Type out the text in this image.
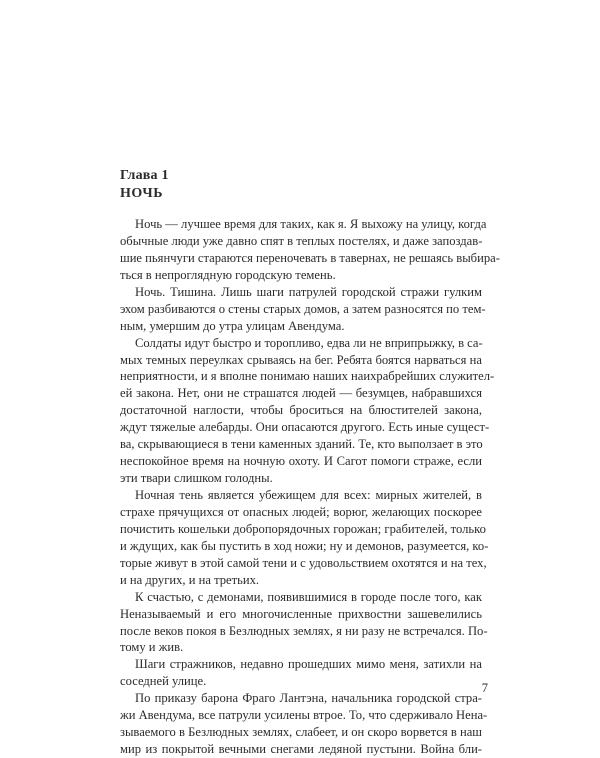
Глава 1
НОЧЬ
Ночь — лучшее время для таких, как я. Я выхожу на улицу, когда
обычные люди уже давно спят в теплых постелях, и даже запоздав-
шие пьянчуги стараются переночевать в тавернах, не решаясь выбира-
ться в непроглядную городскую темень.
Ночь. Тишина. Лишь шаги патрулей городской стражи гулким
эхом разбиваются о стены старых домов, а затем разносятся по тем-
ным, умершим до утра улицам Авендума.
Солдаты идут быстро и торопливо, едва ли не вприпрыжку, в са-
мых темных переулках срываясь на бег. Ребята боятся нарваться на
неприятности, и я вполне понимаю наших наихрабрейших служител-
ей закона. Нет, они не страшатся людей — безумцев, набравшихся
достаточной наглости, чтобы броситься на блюстителей закона,
ждут тяжелые алебарды. Они опасаются другого. Есть иные сущест-
ва, скрывающиеся в тени каменных зданий. Те, кто выползает в это
неспокойное время на ночную охоту. И Сагот помоги страже, если
эти твари слишком голодны.
Ночная тень является убежищем для всех: мирных жителей, в
страхе прячущихся от опасных людей; ворюг, желающих поскорее
почистить кошельки добропорядочных горожан; грабителей, только
и ждущих, как бы пустить в ход ножи; ну и демонов, разумеется, ко-
торые живут в этой самой тени и с удовольствием охотятся и на тех,
и на других, и на третьих.
К счастью, с демонами, появившимися в городе после того, как
Неназываемый и его многочисленные прихвостни зашевелились
после веков покоя в Безлюдных землях, я ни разу не встречался. По-
тому и жив.
Шаги стражников, недавно прошедших мимо меня, затихли на
соседней улице.
По приказу барона Фраго Лантэна, начальника городской стра-
жи Авендума, все патрули усилены втрое. То, что сдерживало Нена-
зываемого в Безлюдных землях, слабеет, и он скоро ворвется в наш
мир из покрытой вечными снегами ледяной пустыни. Война бли-
7
